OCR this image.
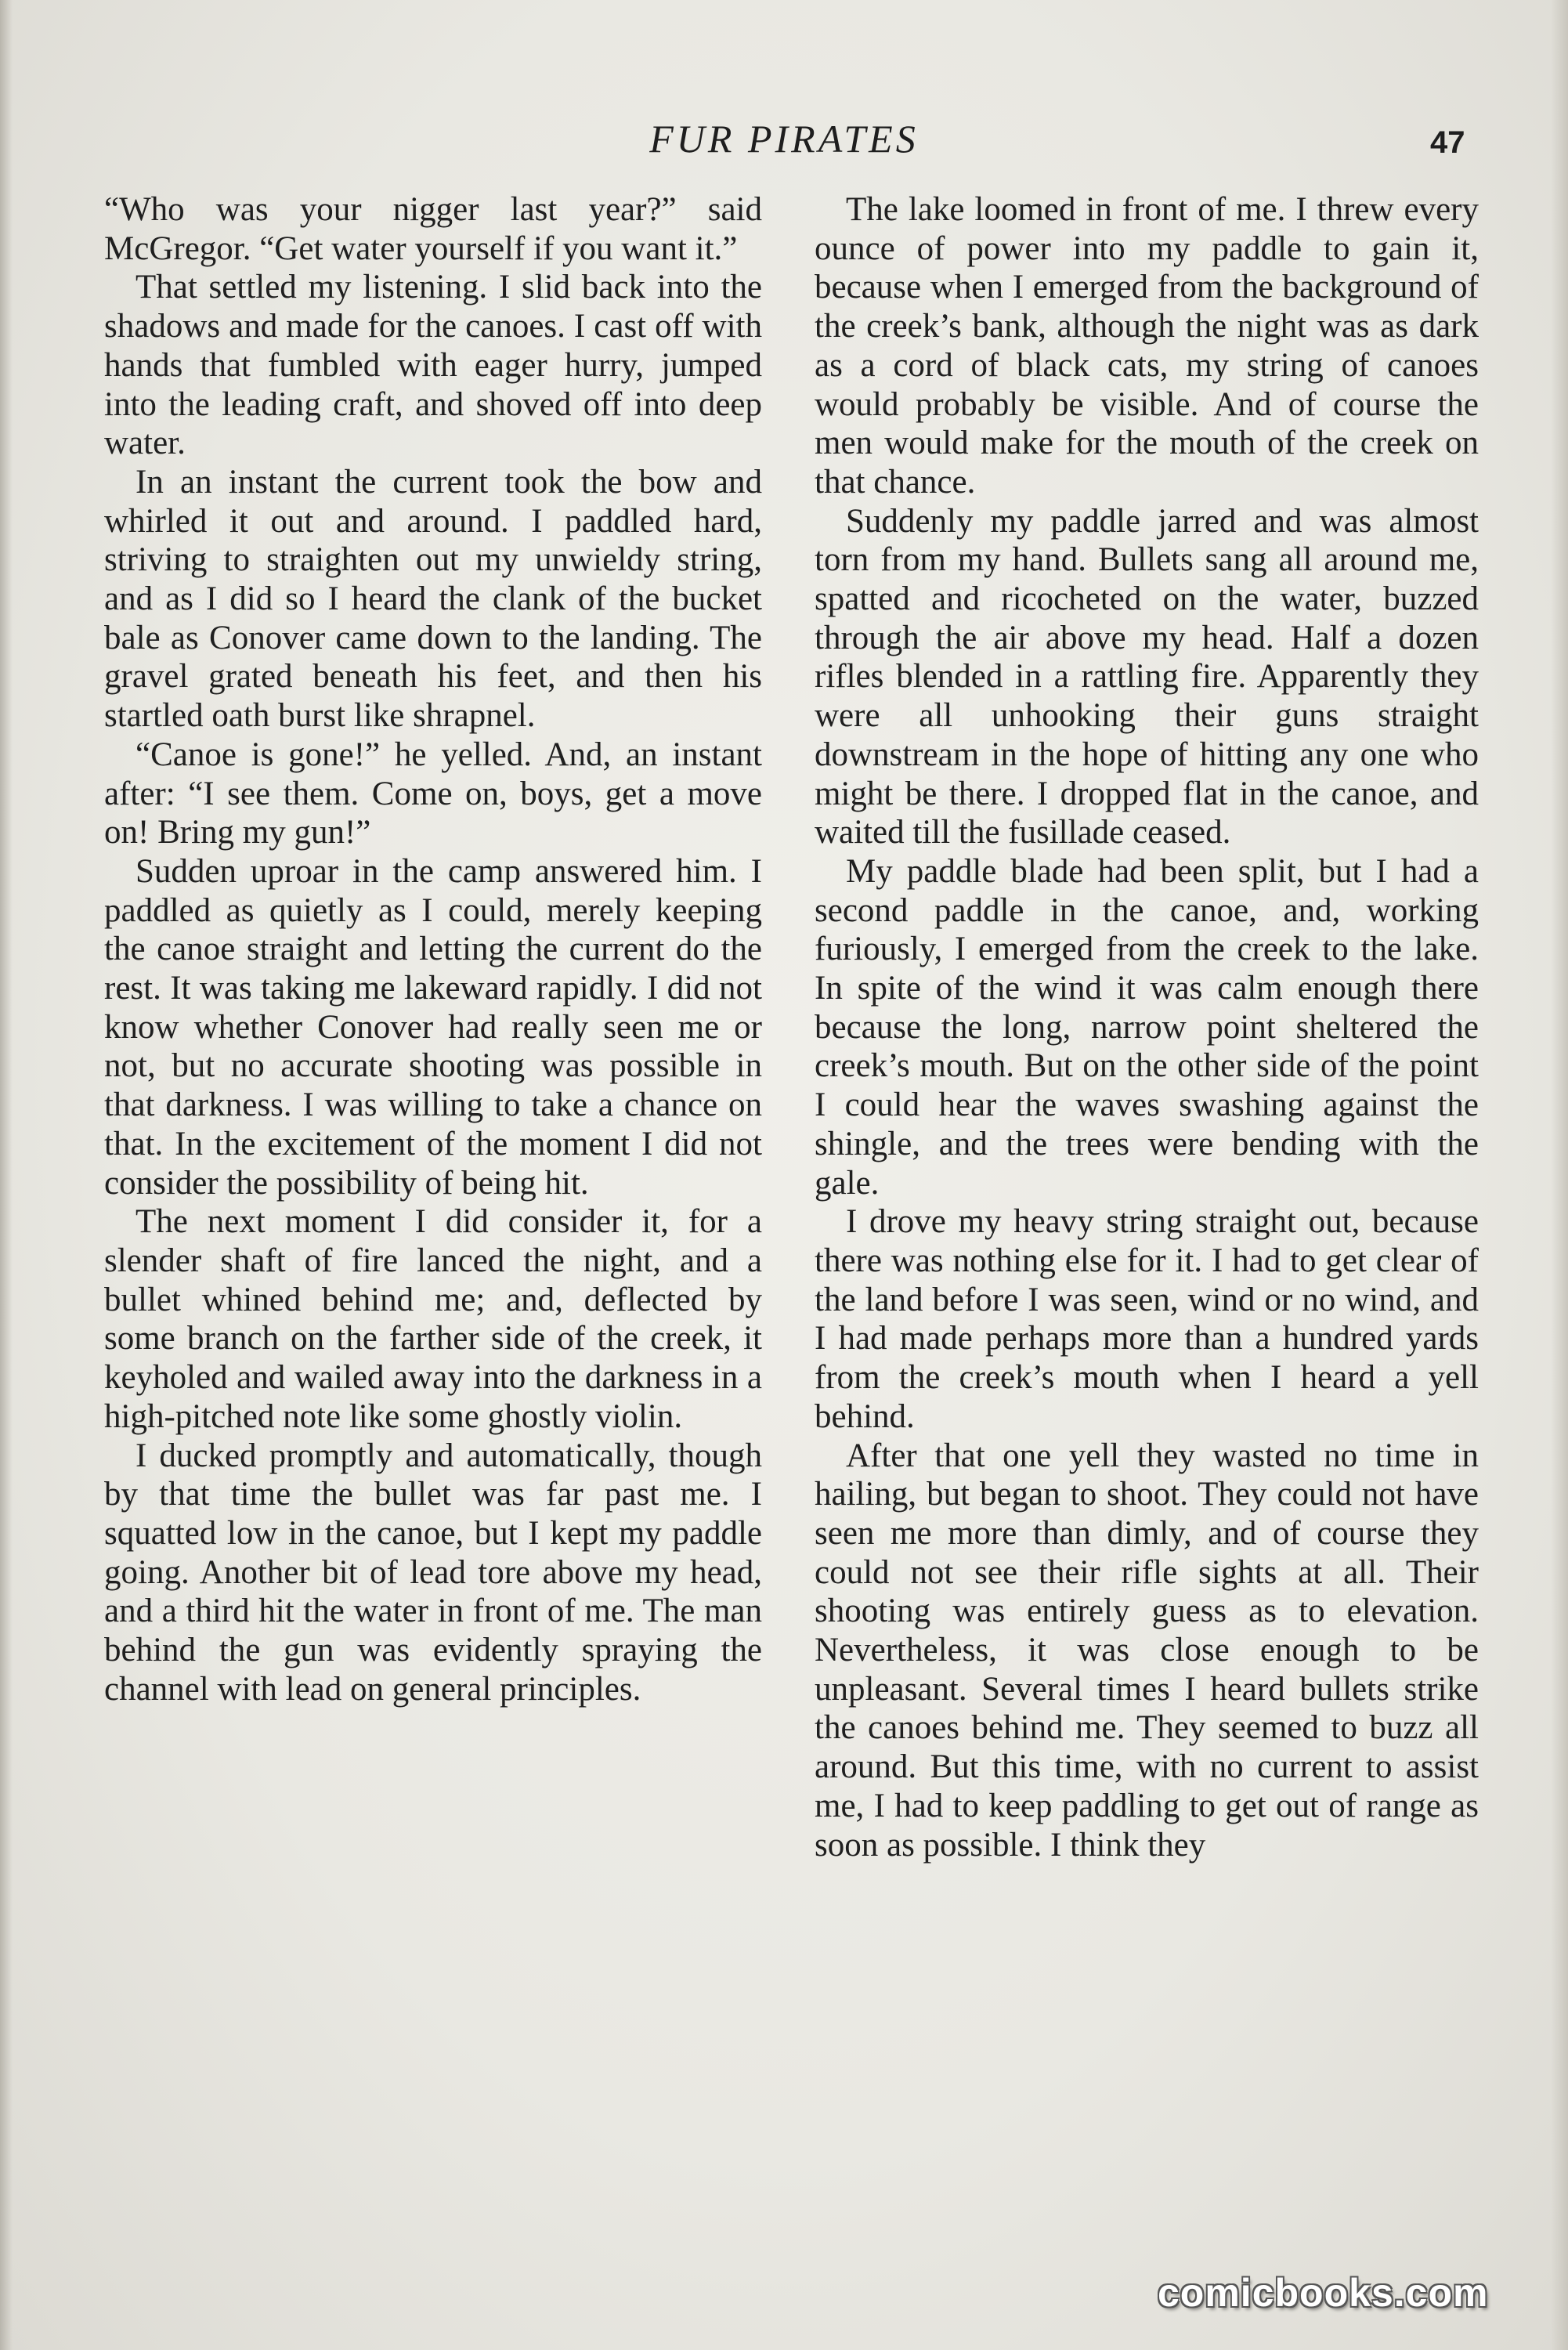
FUR PIRATES	47

“Who was your nigger last year?” said McGregor. “Get water yourself if you want it.”

That settled my listening. I slid back into the shadows and made for the canoes. I cast off with hands that fumbled with eager hurry, jumped into the leading craft, and shoved off into deep water.

In an instant the current took the bow and whirled it out and around. I paddled hard, striving to straighten out my unwieldy string, and as I did so I heard the clank of the bucket bale as Conover came down to the landing. The gravel grated beneath his feet, and then his startled oath burst like shrapnel.

“Canoe is gone!” he yelled. And, an instant after: “I see them. Come on, boys, get a move on! Bring my gun!”

Sudden uproar in the camp answered him. I paddled as quietly as I could, merely keeping the canoe straight and letting the current do the rest. It was taking me lakeward rapidly. I did not know whether Conover had really seen me or not, but no accurate shooting was possible in that darkness. I was willing to take a chance on that. In the excitement of the moment I did not consider the possibility of being hit.

The next moment I did consider it, for a slender shaft of fire lanced the night, and a bullet whined behind me; and, deflected by some branch on the farther side of the creek, it keyholed and wailed away into the darkness in a high-pitched note like some ghostly violin.

I ducked promptly and automatically, though by that time the bullet was far past me. I squatted low in the canoe, but I kept my paddle going. Another bit of lead tore above my head, and a third hit the water in front of me. The man behind the gun was evidently spraying the channel with lead on general principles.

The lake loomed in front of me. I threw every ounce of power into my paddle to gain it, because when I emerged from the background of the creek’s bank, although the night was as dark as a cord of black cats, my string of canoes would probably be visible. And of course the men would make for the mouth of the creek on that chance.

Suddenly my paddle jarred and was almost torn from my hand. Bullets sang all around me, spatted and ricocheted on the water, buzzed through the air above my head. Half a dozen rifles blended in a rattling fire. Apparently they were all unhooking their guns straight downstream in the hope of hitting any one who might be there. I dropped flat in the canoe, and waited till the fusillade ceased.

My paddle blade had been split, but I had a second paddle in the canoe, and, working furiously, I emerged from the creek to the lake. In spite of the wind it was calm enough there because the long, narrow point sheltered the creek’s mouth. But on the other side of the point I could hear the waves swashing against the shingle, and the trees were bending with the gale.

I drove my heavy string straight out, because there was nothing else for it. I had to get clear of the land before I was seen, wind or no wind, and I had made perhaps more than a hundred yards from the creek’s mouth when I heard a yell behind.

After that one yell they wasted no time in hailing, but began to shoot. They could not have seen me more than dimly, and of course they could not see their rifle sights at all. Their shooting was entirely guess as to elevation. Nevertheless, it was close enough to be unpleasant. Several times I heard bullets strike the canoes behind me. They seemed to buzz all around. But this time, with no current to assist me, I had to keep paddling to get out of range as soon as possible. I think they

comicbooks.com
